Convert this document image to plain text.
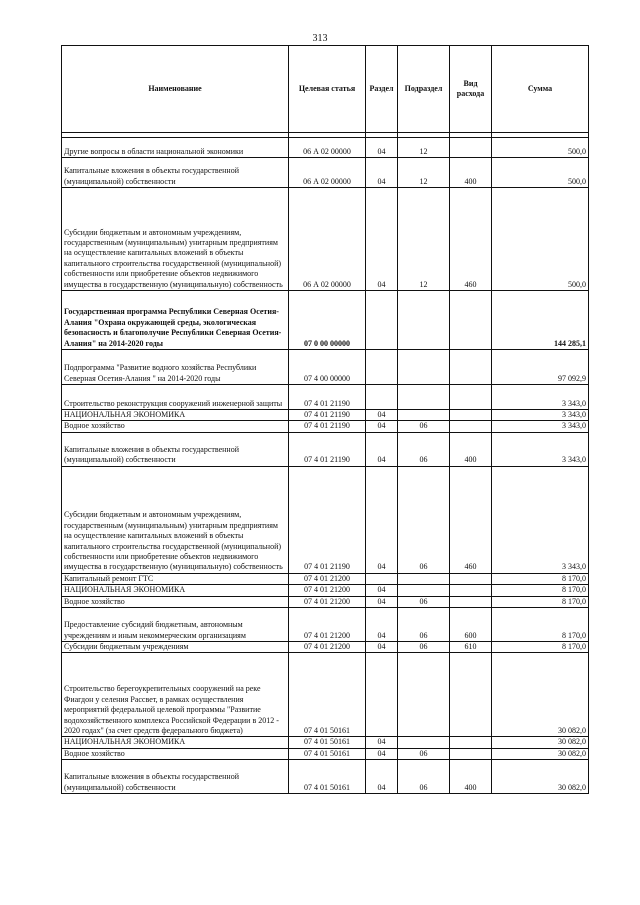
313
Наименование	Целевая статья	Раздел	Подраздел	Вид расхода	Сумма

Другие вопросы в области национальной экономики	06 А 02 00000	04	12		500,0
Капитальные вложения в объекты государственной (муниципальной) собственности	06 А 02 00000	04	12	400	500,0
Субсидии бюджетным и автономным учреждениям, государственным (муниципальным) унитарным предприятиям на осуществление капитальных вложений в объекты капитального строительства государственной (муниципальной) собственности или приобретение объектов недвижимого имущества в государственную (муниципальную) собственность	06 А 02 00000	04	12	460	500,0
Государственная программа Республики Северная Осетия-Алания "Охрана окружающей среды, экологическая безопасность и благополучие Республики Северная Осетия-Алания" на 2014-2020 годы	07 0 00 00000				144 285,1
Подпрограмма "Развитие водного хозяйства Республики Северная Осетия-Алания " на 2014-2020 годы	07 4 00 00000				97 092,9
Строительство реконструкция сооружений инженерной защиты	07 4 01 21190				3 343,0
НАЦИОНАЛЬНАЯ ЭКОНОМИКА	07 4 01 21190	04			3 343,0
Водное хозяйство	07 4 01 21190	04	06		3 343,0
Капитальные вложения в объекты государственной (муниципальной) собственности	07 4 01 21190	04	06	400	3 343,0
Субсидии бюджетным и автономным учреждениям, государственным (муниципальным) унитарным предприятиям на осуществление капитальных вложений в объекты капитального строительства государственной (муниципальной) собственности или приобретение объектов недвижимого имущества в государственную (муниципальную) собственность	07 4 01 21190	04	06	460	3 343,0
Капитальный ремонт ГТС	07 4 01 21200				8 170,0
НАЦИОНАЛЬНАЯ ЭКОНОМИКА	07 4 01 21200	04			8 170,0
Водное хозяйство	07 4 01 21200	04	06		8 170,0
Предоставление субсидий бюджетным, автономным учреждениям и иным некоммерческим организациям	07 4 01 21200	04	06	600	8 170,0
Субсидии бюджетным учреждениям	07 4 01 21200	04	06	610	8 170,0
Строительство берегоукрепительных сооружений на реке Фиагдон у селения Рассвет, в рамках осуществления мероприятий федеральной целевой программы "Развитие водохозяйственного комплекса Российской Федерации в 2012 - 2020 годах" (за счет средств федерального бюджета)	07 4 01 50161				30 082,0
НАЦИОНАЛЬНАЯ ЭКОНОМИКА	07 4 01 50161	04			30 082,0
Водное хозяйство	07 4 01 50161	04	06		30 082,0
Капитальные вложения в объекты государственной (муниципальной) собственности	07 4 01 50161	04	06	400	30 082,0
